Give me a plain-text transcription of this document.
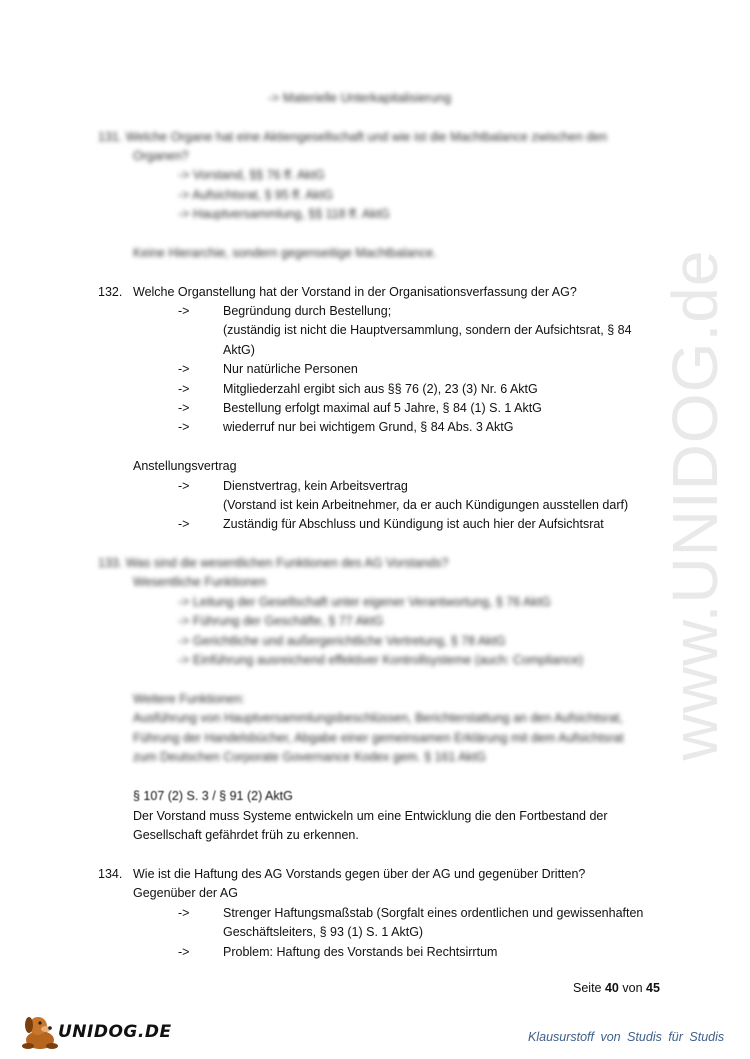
www.UNIDOG.de
-> Materielle Unterkapitalisierung
131. Welche Organe hat eine Aktiengesellschaft und wie ist die Machtbalance zwischen den
Organen?
-> Vorstand, §§ 76 ff. AktG
-> Aufsichtsrat, § 95 ff. AktG
-> Hauptversammlung, §§ 118 ff. AktG
Keine Hierarchie, sondern gegenseitige Machtbalance.
132. Welche Organstellung hat der Vorstand in der Organisationsverfassung der AG?
->	Begründung durch Bestellung;
(zuständig ist nicht die Hauptversammlung, sondern der Aufsichtsrat, § 84
AktG)
->	Nur natürliche Personen
->	Mitgliederzahl ergibt sich aus §§ 76 (2), 23 (3) Nr. 6 AktG
->	Bestellung erfolgt maximal auf 5 Jahre, § 84 (1) S. 1 AktG
->	wiederruf nur bei wichtigem Grund, § 84 Abs. 3 AktG
Anstellungsvertrag
->	Dienstvertrag, kein Arbeitsvertrag
(Vorstand ist kein Arbeitnehmer, da er auch Kündigungen ausstellen darf)
->	Zuständig für Abschluss und Kündigung ist auch hier der Aufsichtsrat
133. Was sind die wesentlichen Funktionen des AG Vorstands?
Wesentliche Funktionen
-> Leitung der Gesellschaft unter eigener Verantwortung, § 76 AktG
-> Führung der Geschäfte, § 77 AktG
-> Gerichtliche und außergerichtliche Vertretung, § 78 AktG
-> Einführung ausreichend effektiver Kontrollsysteme (auch: Compliance)
Weitere Funktionen:
Ausführung von Hauptversammlungsbeschlüssen, Berichterstattung an den Aufsichtsrat,
Führung der Handelsbücher, Abgabe einer gemeinsamen Erklärung mit dem Aufsichtsrat
zum Deutschen Corporate Governance Kodex gem. § 161 AktG
§ 107 (2) S. 3 / § 91 (2) AktG
Der Vorstand muss Systeme entwickeln um eine Entwicklung die den Fortbestand der
Gesellschaft gefährdet früh zu erkennen.
134. Wie ist die Haftung des AG Vorstands gegen über der AG und gegenüber Dritten?
Gegenüber der AG
->	Strenger Haftungsmaßstab (Sorgfalt eines ordentlichen und gewissenhaften
Geschäftsleiters, § 93 (1) S. 1 AktG)
->	Problem: Haftung des Vorstands bei Rechtsirrtum
Seite 40 von 45
UNIDOG.DE	Klausurstoff von Studis für Studis
